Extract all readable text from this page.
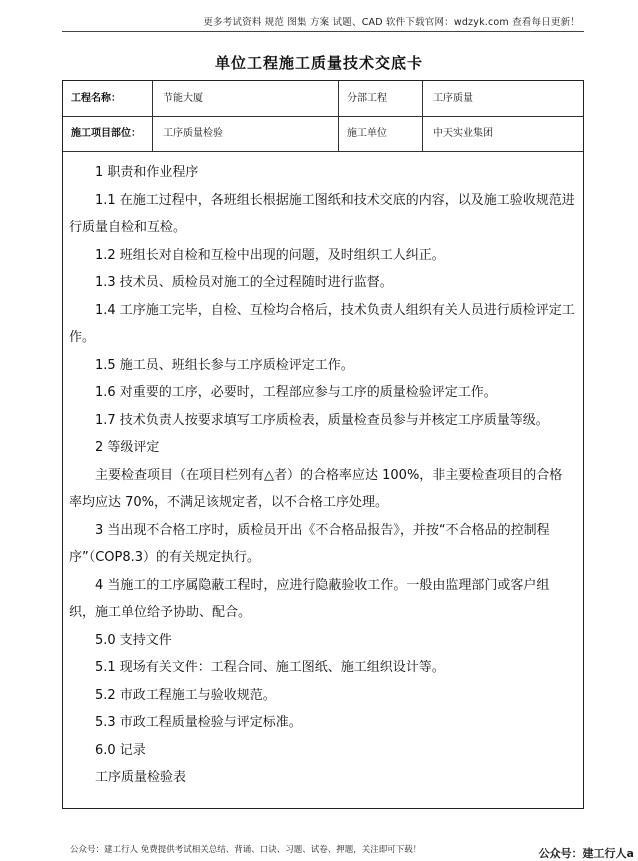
更多考试资料 规范 图集 方案 试题、CAD 软件下载官网：wdzyk.com 查看每日更新！
单位工程施工质量技术交底卡
工程名称：	节能大厦	分部工程	工序质量
施工项目部位：	工序质量检验	施工单位	中天实业集团

1 职责和作业程序

1.1 在施工过程中，各班组长根据施工图纸和技术交底的内容，以及施工验收规范进行质量自检和互检。

1.2 班组长对自检和互检中出现的问题，及时组织工人纠正。

1.3 技术员、质检员对施工的全过程随时进行监督。

1.4 工序施工完毕，自检、互检均合格后，技术负责人组织有关人员进行质检评定工作。

1.5 施工员、班组长参与工序质检评定工作。

1.6 对重要的工序，必要时，工程部应参与工序的质量检验评定工作。

1.7 技术负责人按要求填写工序质检表，质量检查员参与并核定工序质量等级。

2 等级评定

主要检查项目（在项目栏列有△者）的合格率应达 100%，非主要检查项目的合格率均应达 70%，不满足该规定者，以不合格工序处理。

3 当出现不合格工序时，质检员开出《不合格品报告》，并按“不合格品的控制程序”（COP8.3）的有关规定执行。

4 当施工的工序属隐蔽工程时，应进行隐蔽验收工作。一般由监理部门或客户组织，施工单位给予协助、配合。

5.0 支持文件

5.1 现场有关文件：工程合同、施工图纸、施工组织设计等。

5.2 市政工程施工与验收规范。

5.3 市政工程质量检验与评定标准。

6.0 记录

工序质量检验表

公众号：建工行人 免费提供考试相关总结、背诵、口诀、习题、试卷、押题，关注即可下载！	公众号：建工行人a
